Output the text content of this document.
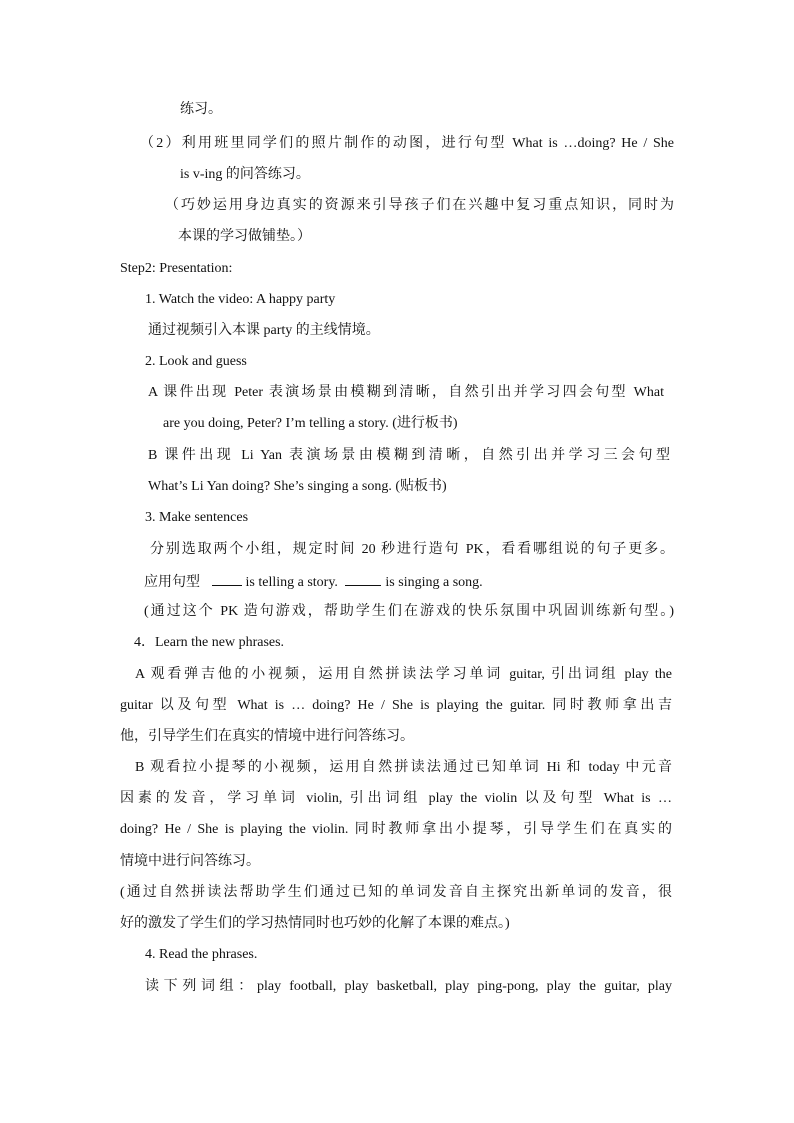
练习。
（2）利用班里同学们的照片制作的动图，进行句型 What is …doing? He / She
is v-ing 的问答练习。
（巧妙运用身边真实的资源来引导孩子们在兴趣中复习重点知识，同时为
本课的学习做铺垫。）
Step2: Presentation:
1. Watch the video: A happy party
通过视频引入本课 party 的主线情境。
2. Look and guess
A 课件出现 Peter 表演场景由模糊到清晰，自然引出并学习四会句型 What
are you doing, Peter? I’m telling a story. (进行板书)
B 课件出现 Li Yan 表演场景由模糊到清晰，自然引出并学习三会句型
What’s Li Yan doing? She’s singing a song. (贴板书)
3. Make sentences
分别选取两个小组，规定时间 20 秒进行造句 PK，看看哪组说的句子更多。
应用句型	is telling a story.	is singing a song.
(通过这个 PK 造句游戏，帮助学生们在游戏的快乐氛围中巩固训练新句型。)
4．Learn the new phrases.
A 观看弹吉他的小视频，运用自然拼读法学习单词 guitar, 引出词组 play the
guitar 以及句型 What is … doing? He / She is playing the guitar. 同时教师拿出吉
他，引导学生们在真实的情境中进行问答练习。
B 观看拉小提琴的小视频，运用自然拼读法通过已知单词 Hi 和 today 中元音
因素的发音，学习单词 violin, 引出词组 play the violin 以及句型 What is …
doing? He / She is playing the violin. 同时教师拿出小提琴，引导学生们在真实的
情境中进行问答练习。
(通过自然拼读法帮助学生们通过已知的单词发音自主探究出新单词的发音，很
好的激发了学生们的学习热情同时也巧妙的化解了本课的难点。)
4. Read the phrases.
读下列词组：play football, play basketball, play ping-pong, play the guitar, play
